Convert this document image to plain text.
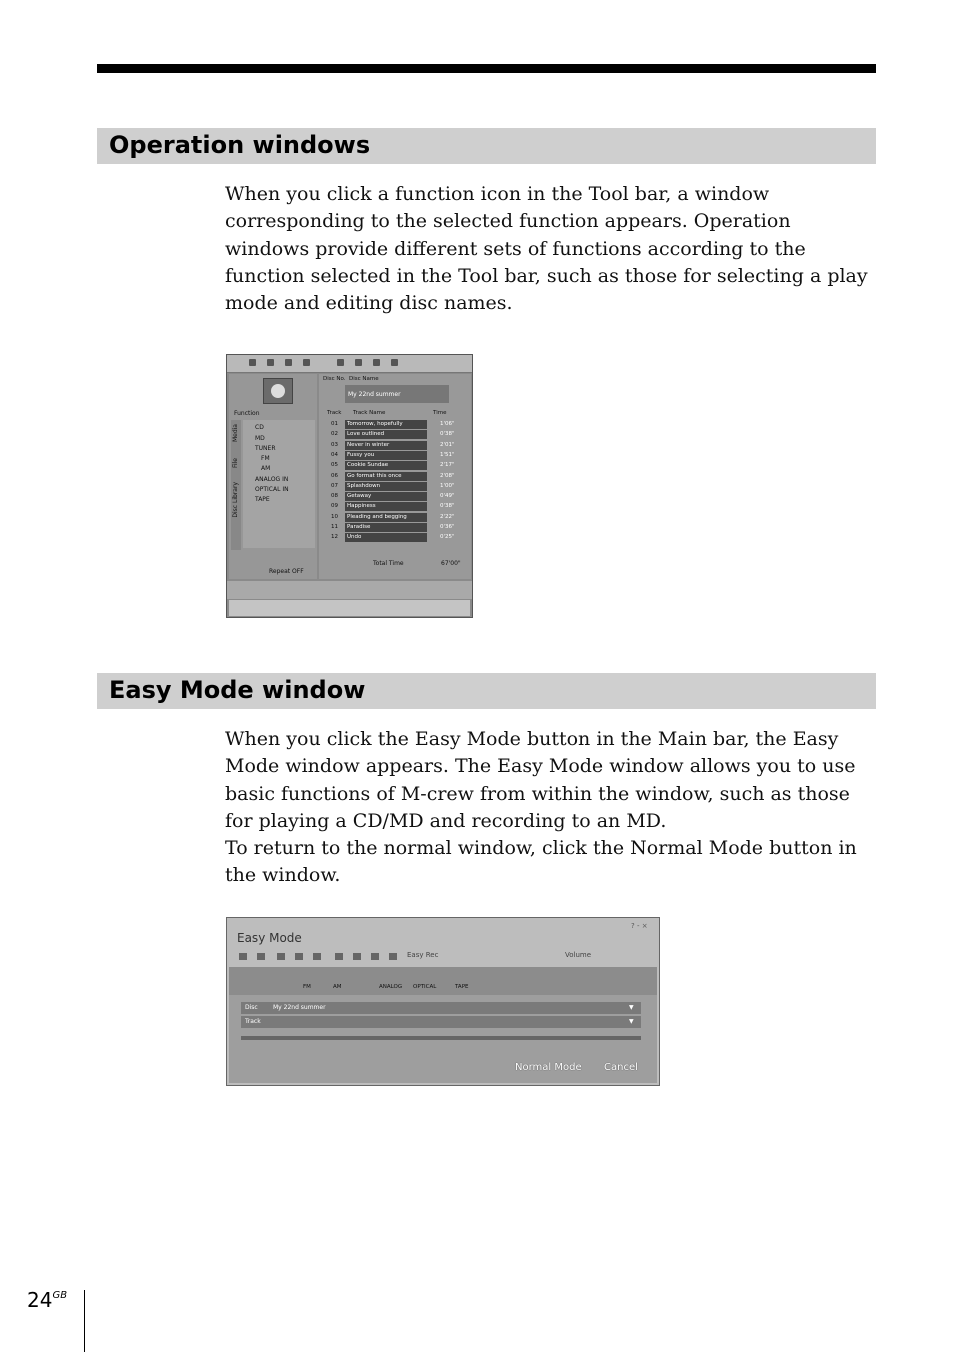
Operation windows

When you click a function icon in the Tool bar, a window corresponding to the selected function appears. Operation windows provide different sets of functions according to the function selected in the Tool bar, such as those for selecting a play mode and editing disc names.

Function
Media
File
Disc Library
CD
MD
TUNER
FM
AM
ANALOG IN
OPTICAL IN
TAPE
Repeat OFF
Disc No. Disc Name
My 22nd summer
Track Track Name	Time
01	Tomorrow, hopefully	1'06"
02	Love outlined	0'38"
03	Never in winter	2'01"
04	Fussy you	1'51"
05	Cookie Sundae	2'17"
06	Go format this once	2'08"
07	Splashdown	1'00"
08	Getaway	0'49"
09	Happiness	0'38"
10	Pleading and begging	2'22"
11	Paradise	0'36"
12	Undo	0'25"
Total Time	67'00"
Easy Mode window

When you click the Easy Mode button in the Main bar, the Easy Mode window appears. The Easy Mode window allows you to use basic functions of M-crew from within the window, such as those for playing a CD/MD and recording to an MD.

To return to the normal window, click the Normal Mode button in the window.

Easy Mode
? - ×
Easy Rec	Volume
FM	AM	ANALOG OPTICAL	TAPE
Disc	My 22nd summer	▼
Track	▼
Normal Mode Cancel
$24^{GB}$
